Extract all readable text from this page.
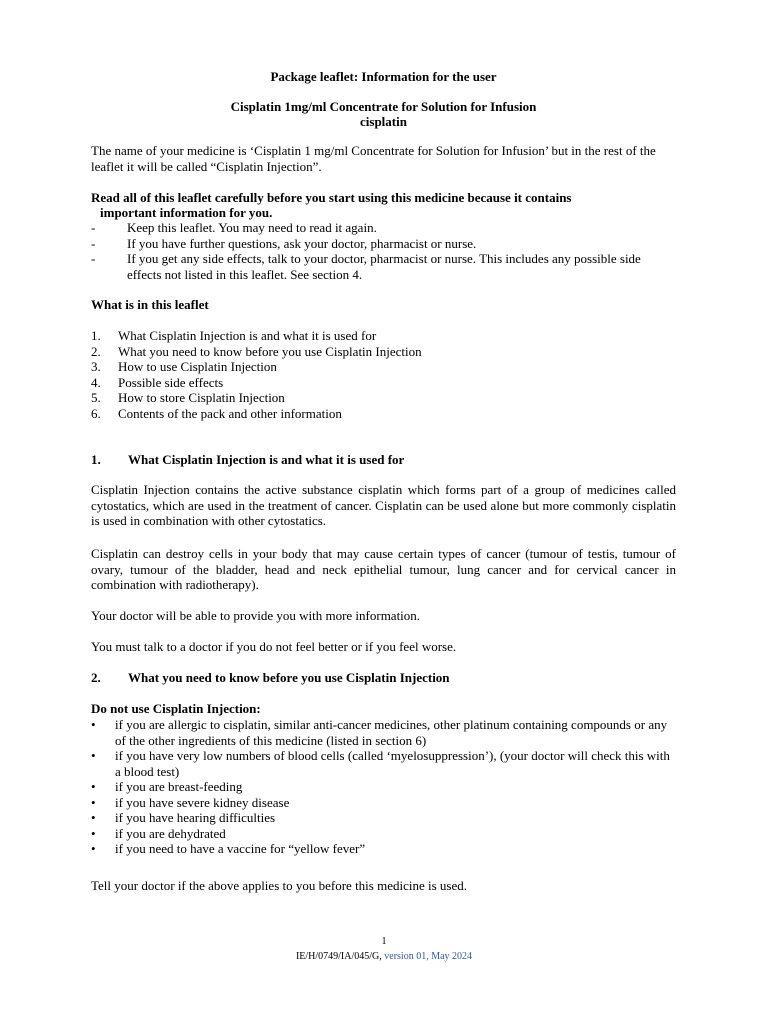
Package leaflet: Information for the user
Cisplatin 1mg/ml Concentrate for Solution for Infusion
cisplatin
The name of your medicine is ‘Cisplatin 1 mg/ml Concentrate for Solution for Infusion’ but in the rest of the leaflet it will be called “Cisplatin Injection”.
Read all of this leaflet carefully before you start using this medicine because it contains
important information for you.
- Keep this leaflet. You may need to read it again.
- If you have further questions, ask your doctor, pharmacist or nurse.
- If you get any side effects, talk to your doctor, pharmacist or nurse. This includes any possible side effects not listed in this leaflet. See section 4.
What is in this leaflet
1. What Cisplatin Injection is and what it is used for
2. What you need to know before you use Cisplatin Injection
3. How to use Cisplatin Injection
4. Possible side effects
5. How to store Cisplatin Injection
6. Contents of the pack and other information
1. What Cisplatin Injection is and what it is used for
Cisplatin Injection contains the active substance cisplatin which forms part of a group of medicines called cytostatics, which are used in the treatment of cancer. Cisplatin can be used alone but more commonly cisplatin is used in combination with other cytostatics.
Cisplatin can destroy cells in your body that may cause certain types of cancer (tumour of testis, tumour of ovary, tumour of the bladder, head and neck epithelial tumour, lung cancer and for cervical cancer in combination with radiotherapy).
Your doctor will be able to provide you with more information.
You must talk to a doctor if you do not feel better or if you feel worse.
2. What you need to know before you use Cisplatin Injection
Do not use Cisplatin Injection:
• if you are allergic to cisplatin, similar anti-cancer medicines, other platinum containing compounds or any of the other ingredients of this medicine (listed in section 6)
• if you have very low numbers of blood cells (called ‘myelosuppression’), (your doctor will check this with a blood test)
• if you are breast-feeding
• if you have severe kidney disease
• if you have hearing difficulties
• if you are dehydrated
• if you need to have a vaccine for “yellow fever”
Tell your doctor if the above applies to you before this medicine is used.
1
IE/H/0749/IA/045/G, version 01, May 2024
